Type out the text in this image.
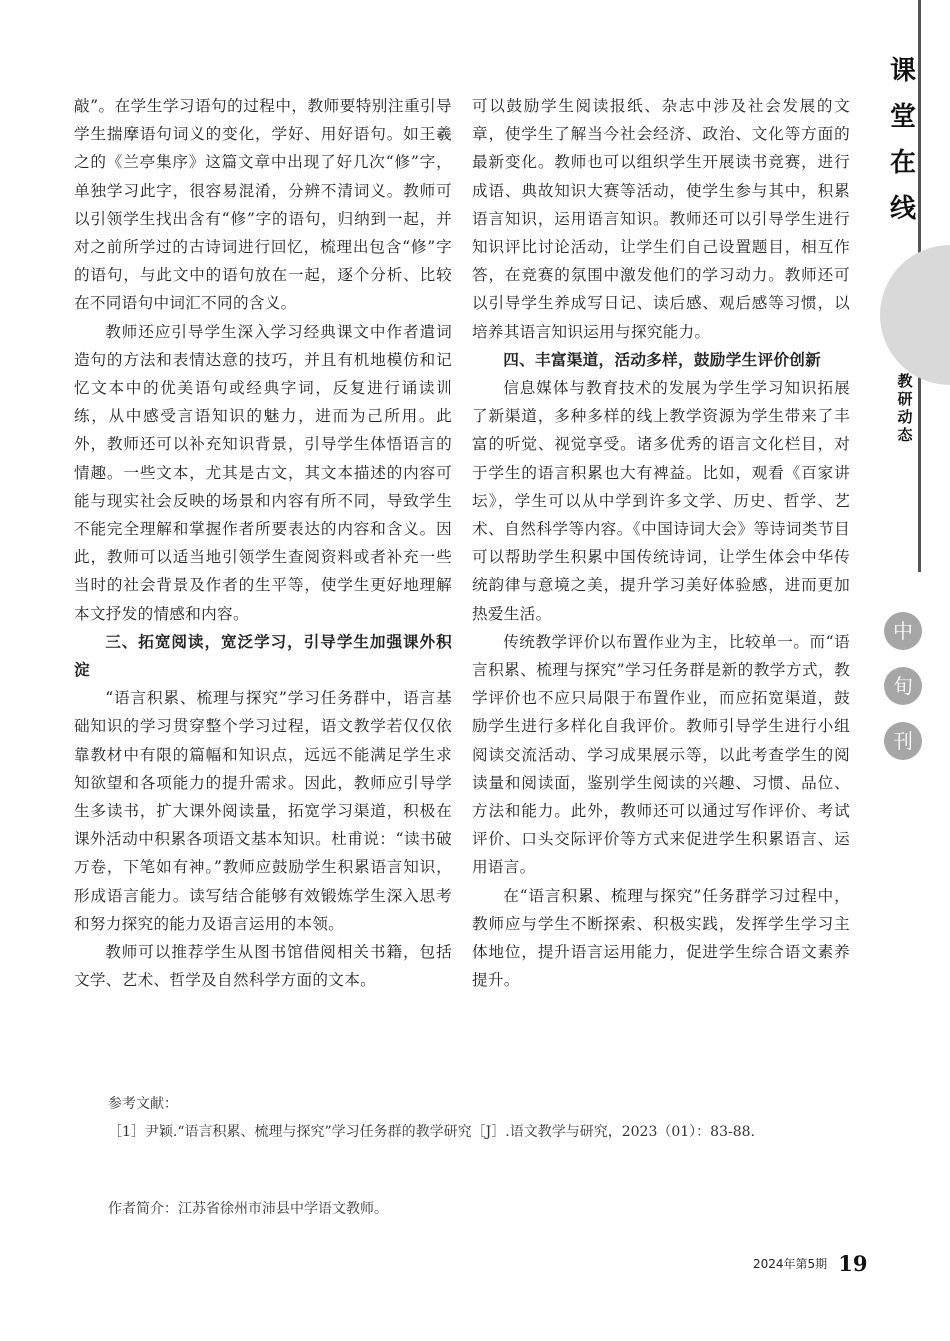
课
堂
在
线
教
研
动
态
中
旬
刊

敲”。在学生学习语句的过程中，教师要特别注重引导学生揣摩语句词义的变化，学好、用好语句。如王羲之的《兰亭集序》这篇文章中出现了好几次“修”字，单独学习此字，很容易混淆，分辨不清词义。教师可以引领学生找出含有“修”字的语句，归纳到一起，并对之前所学过的古诗词进行回忆，梳理出包含“修”字的语句，与此文中的语句放在一起，逐个分析、比较在不同语句中词汇不同的含义。

教师还应引导学生深入学习经典课文中作者遣词造句的方法和表情达意的技巧，并且有机地模仿和记忆文本中的优美语句或经典字词，反复进行诵读训练，从中感受言语知识的魅力，进而为己所用。此外，教师还可以补充知识背景，引导学生体悟语言的情趣。一些文本，尤其是古文，其文本描述的内容可能与现实社会反映的场景和内容有所不同，导致学生不能完全理解和掌握作者所要表达的内容和含义。因此，教师可以适当地引领学生查阅资料或者补充一些当时的社会背景及作者的生平等，使学生更好地理解本文抒发的情感和内容。

三、拓宽阅读，宽泛学习，引导学生加强课外积淀

“语言积累、梳理与探究”学习任务群中，语言基础知识的学习贯穿整个学习过程，语文教学若仅仅依靠教材中有限的篇幅和知识点，远远不能满足学生求知欲望和各项能力的提升需求。因此，教师应引导学生多读书，扩大课外阅读量，拓宽学习渠道，积极在课外活动中积累各项语文基本知识。杜甫说：“读书破万卷，下笔如有神。”教师应鼓励学生积累语言知识，形成语言能力。读写结合能够有效锻炼学生深入思考和努力探究的能力及语言运用的本领。

教师可以推荐学生从图书馆借阅相关书籍，包括文学、艺术、哲学及自然科学方面的文本。

可以鼓励学生阅读报纸、杂志中涉及社会发展的文章，使学生了解当今社会经济、政治、文化等方面的最新变化。教师也可以组织学生开展读书竞赛，进行成语、典故知识大赛等活动，使学生参与其中，积累语言知识，运用语言知识。教师还可以引导学生进行知识评比讨论活动，让学生们自己设置题目，相互作答，在竞赛的氛围中激发他们的学习动力。教师还可以引导学生养成写日记、读后感、观后感等习惯，以培养其语言知识运用与探究能力。

四、丰富渠道，活动多样，鼓励学生评价创新

信息媒体与教育技术的发展为学生学习知识拓展了新渠道，多种多样的线上教学资源为学生带来了丰富的听觉、视觉享受。诸多优秀的语言文化栏目，对于学生的语言积累也大有裨益。比如，观看《百家讲坛》，学生可以从中学到许多文学、历史、哲学、艺术、自然科学等内容。《中国诗词大会》等诗词类节目可以帮助学生积累中国传统诗词，让学生体会中华传统韵律与意境之美，提升学习美好体验感，进而更加热爱生活。

传统教学评价以布置作业为主，比较单一。而“语言积累、梳理与探究”学习任务群是新的教学方式，教学评价也不应只局限于布置作业，而应拓宽渠道，鼓励学生进行多样化自我评价。教师引导学生进行小组阅读交流活动、学习成果展示等，以此考查学生的阅读量和阅读面，鉴别学生阅读的兴趣、习惯、品位、方法和能力。此外，教师还可以通过写作评价、考试评价、口头交际评价等方式来促进学生积累语言、运用语言。

在“语言积累、梳理与探究”任务群学习过程中，教师应与学生不断探索、积极实践，发挥学生学习主体地位，提升语言运用能力，促进学生综合语文素养提升。

参考文献：
［1］尹颖.“语言积累、梳理与探究”学习任务群的教学研究［J］.语文教学与研究，2023（01）：83-88.
作者简介：江苏省徐州市沛县中学语文教师。
2024年第5期 19
